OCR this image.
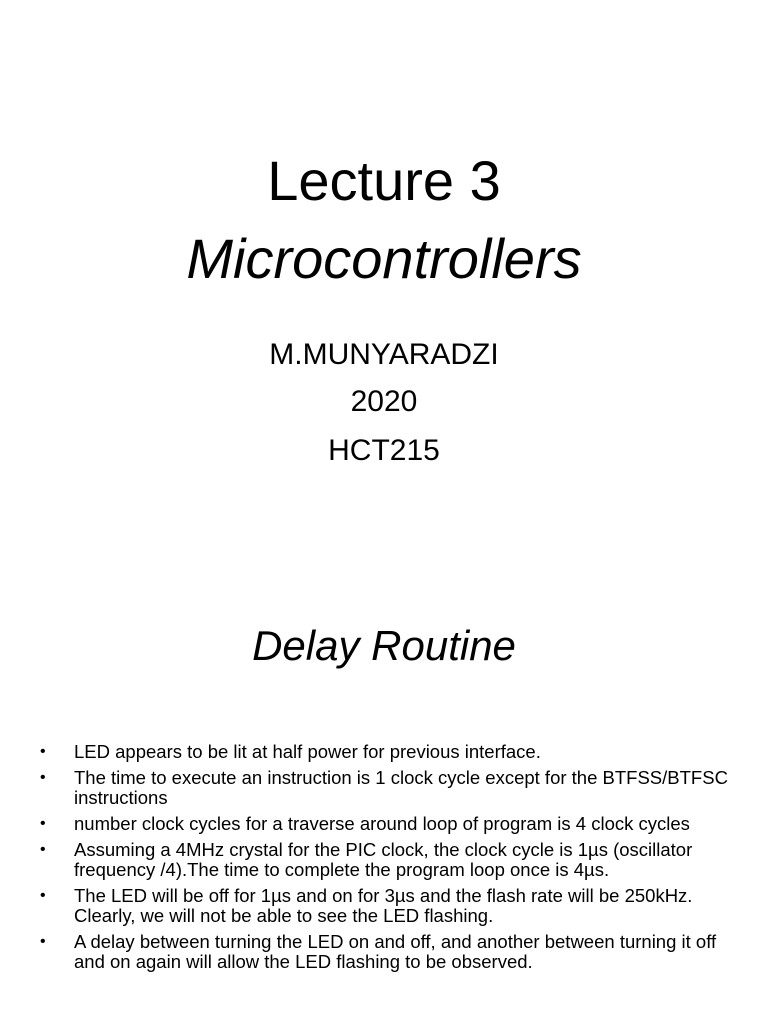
Lecture 3
Microcontrollers
M.MUNYARADZI
2020
HCT215
Delay Routine
• LED appears to be lit at half power for previous interface.
• The time to execute an instruction is 1 clock cycle except for the BTFSS/BTFSC instructions
• number clock cycles for a traverse around loop of program is 4 clock cycles
• Assuming a 4MHz crystal for the PIC clock, the clock cycle is 1µs (oscillator frequency /4).The time to complete the program loop once is 4µs.
• The LED will be off for 1µs and on for 3µs and the flash rate will be 250kHz. Clearly, we will not be able to see the LED flashing.
• A delay between turning the LED on and off, and another between turning it off and on again will allow the LED flashing to be observed.
